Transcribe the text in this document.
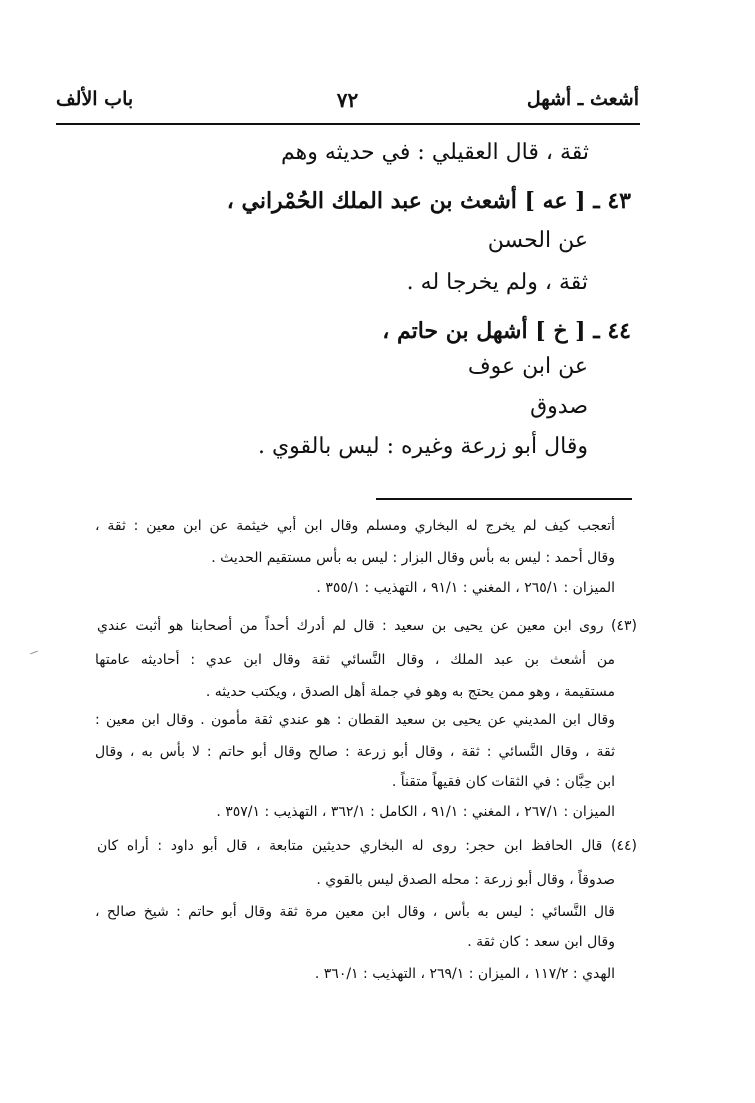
أشعث ـ أشهل
٧٢
باب الألف
ثقة ، قال العقيلي : في حديثه وهم
٤٣ ـ [ عه ] أشعث بن عبد الملك الحُمْراني ،
عن الحسن
ثقة ، ولم يخرجا له .
٤٤ ـ [ خ ] أشهل بن حاتم ،
عن ابن عوف
صدوق
وقال أبو زرعة وغيره : ليس بالقوي .
أتعجب كيف لم يخرج له البخاري ومسلم وقال ابن أبي خيثمة عن ابن معين : ثقة ،
وقال أحمد : ليس به بأس وقال البزار : ليس به بأس مستقيم الحديث .
الميزان : ٢٦٥/١ ، المغني : ٩١/١ ، التهذيب : ٣٥٥/١ .
(٤٣) روى ابن معين عن يحيى بن سعيد : قال لم أدرك أحداً من أصحابنا هو أثبت عندي
من أشعث بن عبد الملك ، وقال النَّسائي ثقة وقال ابن عدي : أحاديثه عامتها
مستقيمة ، وهو ممن يحتج به وهو في جملة أهل الصدق ، ويكتب حديثه .
وقال ابن المديني عن يحيى بن سعيد القطان : هو عندي ثقة مأمون . وقال ابن معين :
ثقة ، وقال النَّسائي : ثقة ، وقال أبو زرعة : صالح وقال أبو حاتم : لا بأس به ، وقال
ابن حِبَّان : في الثقات كان فقيهاً متقناً .
الميزان : ٢٦٧/١ ، المغني : ٩١/١ ، الكامل : ٣٦٢/١ ، التهذيب : ٣٥٧/١ .
(٤٤) قال الحافظ ابن حجر: روى له البخاري حديثين متابعة ، قال أبو داود : أراه كان
صدوقاً ، وقال أبو زرعة : محله الصدق ليس بالقوي .
قال النَّسائي : ليس به بأس ، وقال ابن معين مرة ثقة وقال أبو حاتم : شيخ صالح ،
وقال ابن سعد : كان ثقة .
الهدي : ١١٧/٢ ، الميزان : ٢٦٩/١ ، التهذيب : ٣٦٠/١ .
